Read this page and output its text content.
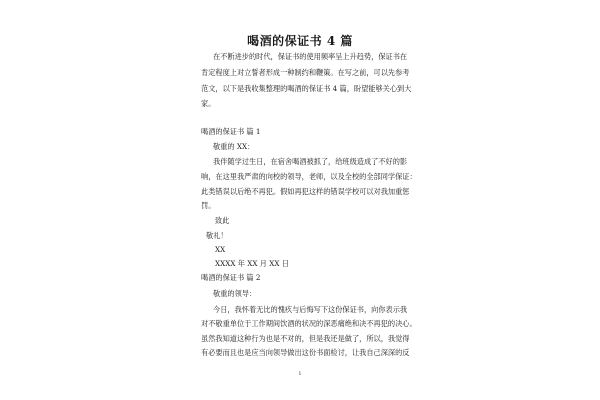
喝酒的保证书 4 篇
在不断进步的时代，保证书的使用频率呈上升趋势，保证书在
肯定程度上对立誓者形成一种制约和鞭策。在写之前，可以先参考
范文，以下是我收集整理的喝酒的保证书 4 篇，盼望能够关心到大
家。
喝酒的保证书 篇 1
敬重的 XX：
我伴随学过生日，在宿舍喝酒被抓了，给班级造成了不好的影
响，在这里我严肃的向校的领导，老师，以及全校的全部同学保证：
此类错误以后绝不再犯。假如再犯这样的错误学校可以对我加重惩
罚。
致此
敬礼！
XX
XXXX 年 XX 月 XX 日
喝酒的保证书 篇 2
敬重的领导：
今日，我怀着无比的愧疚与后悔写下这份保证书，向你表示我
对不敬重单位于工作期间饮酒的状况的深恶痛绝和决不再犯的决心。
虽然我知道这种行为也是不对的，但是我还是做了，所以，我觉得
有必要而且也是应当向领导做出这份书面检讨，让我自己深深的反
1
